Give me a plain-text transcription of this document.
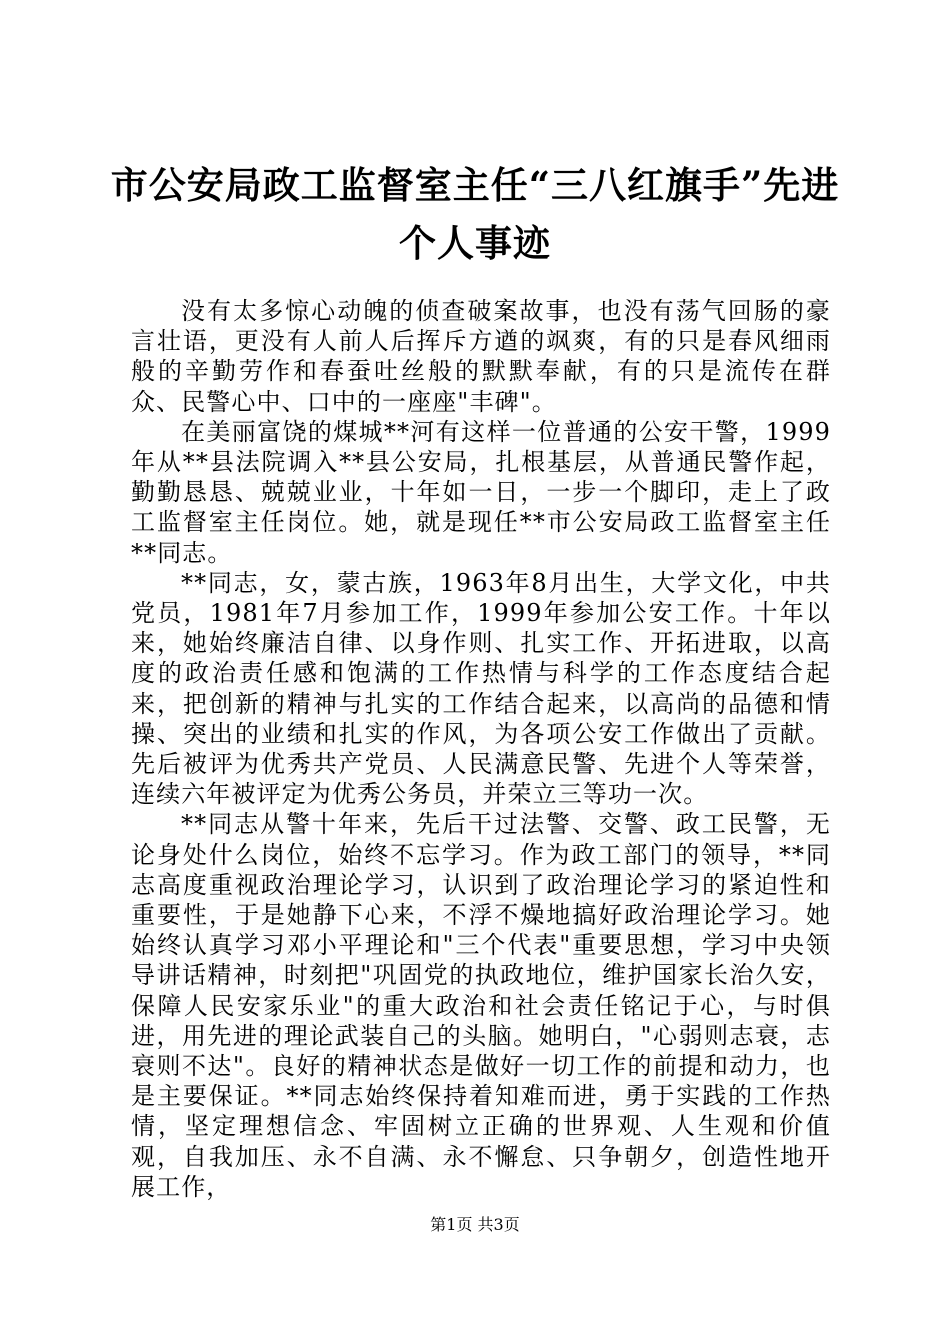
市公安局政工监督室主任“三八红旗手”先进
个人事迹

没有太多惊心动魄的侦查破案故事，也没有荡气回肠的豪言壮语，更没有人前人后挥斥方遒的飒爽，有的只是春风细雨般的辛勤劳作和春蚕吐丝般的默默奉献，有的只是流传在群众、民警心中、口中的一座座"丰碑"。

在美丽富饶的煤城**河有这样一位普通的公安干警，1999年从**县法院调入**县公安局，扎根基层，从普通民警作起，勤勤恳恳、兢兢业业，十年如一日，一步一个脚印，走上了政工监督室主任岗位。她，就是现任**市公安局政工监督室主任**同志。

**同志，女，蒙古族，1963年8月出生，大学文化，中共党员，1981年7月参加工作，1999年参加公安工作。十年以来，她始终廉洁自律、以身作则、扎实工作、开拓进取，以高度的政治责任感和饱满的工作热情与科学的工作态度结合起来，把创新的精神与扎实的工作结合起来，以高尚的品德和情操、突出的业绩和扎实的作风，为各项公安工作做出了贡献。先后被评为优秀共产党员、人民满意民警、先进个人等荣誉，连续六年被评定为优秀公务员，并荣立三等功一次。

**同志从警十年来，先后干过法警、交警、政工民警，无论身处什么岗位，始终不忘学习。作为政工部门的领导，**同志高度重视政治理论学习，认识到了政治理论学习的紧迫性和重要性，于是她静下心来，不浮不燥地搞好政治理论学习。她始终认真学习邓小平理论和"三个代表"重要思想，学习中央领导讲话精神，时刻把"巩固党的执政地位，维护国家长治久安，保障人民安家乐业"的重大政治和社会责任铭记于心，与时俱进，用先进的理论武装自己的头脑。她明白，"心弱则志衰，志衰则不达"。良好的精神状态是做好一切工作的前提和动力，也是主要保证。**同志始终保持着知难而进，勇于实践的工作热情，坚定理想信念、牢固树立正确的世界观、人生观和价值观，自我加压、永不自满、永不懈怠、只争朝夕，创造性地开展工作，

第1页 共3页
